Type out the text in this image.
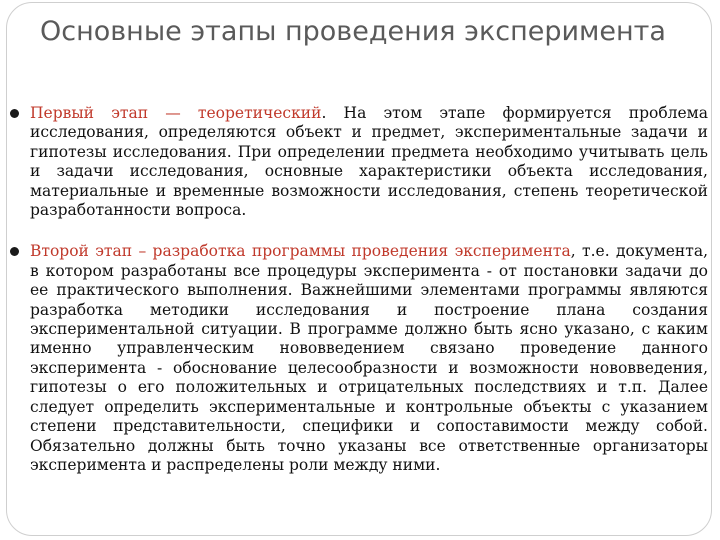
Основные этапы проведения эксперимента

Первый этап — теоретический. На этом этапе формируется проблема исследования, определяются объект и предмет, экспериментальные задачи и гипотезы исследования. При определении предмета необходимо учитывать цель и задачи исследования, основные характеристики объекта исследования, материальные и временные возможности исследования, степень теоретической разработанности вопроса.

Второй этап – разработка программы проведения эксперимента, т.е. документа, в котором разработаны все процедуры эксперимента - от постановки задачи до ее практического выполнения. Важнейшими элементами программы являются разработка методики исследования и построение плана создания экспериментальной ситуации. В программе должно быть ясно указано, с каким именно управленческим нововведением связано проведение данного эксперимента - обоснование целесообразности и возможности нововведения, гипотезы о его положительных и отрицательных последствиях и т.п. Далее следует определить экспериментальные и контрольные объекты с указанием степени представительности, специфики и сопоставимости между собой. Обязательно должны быть точно указаны все ответственные организаторы эксперимента и распределены роли между ними.
